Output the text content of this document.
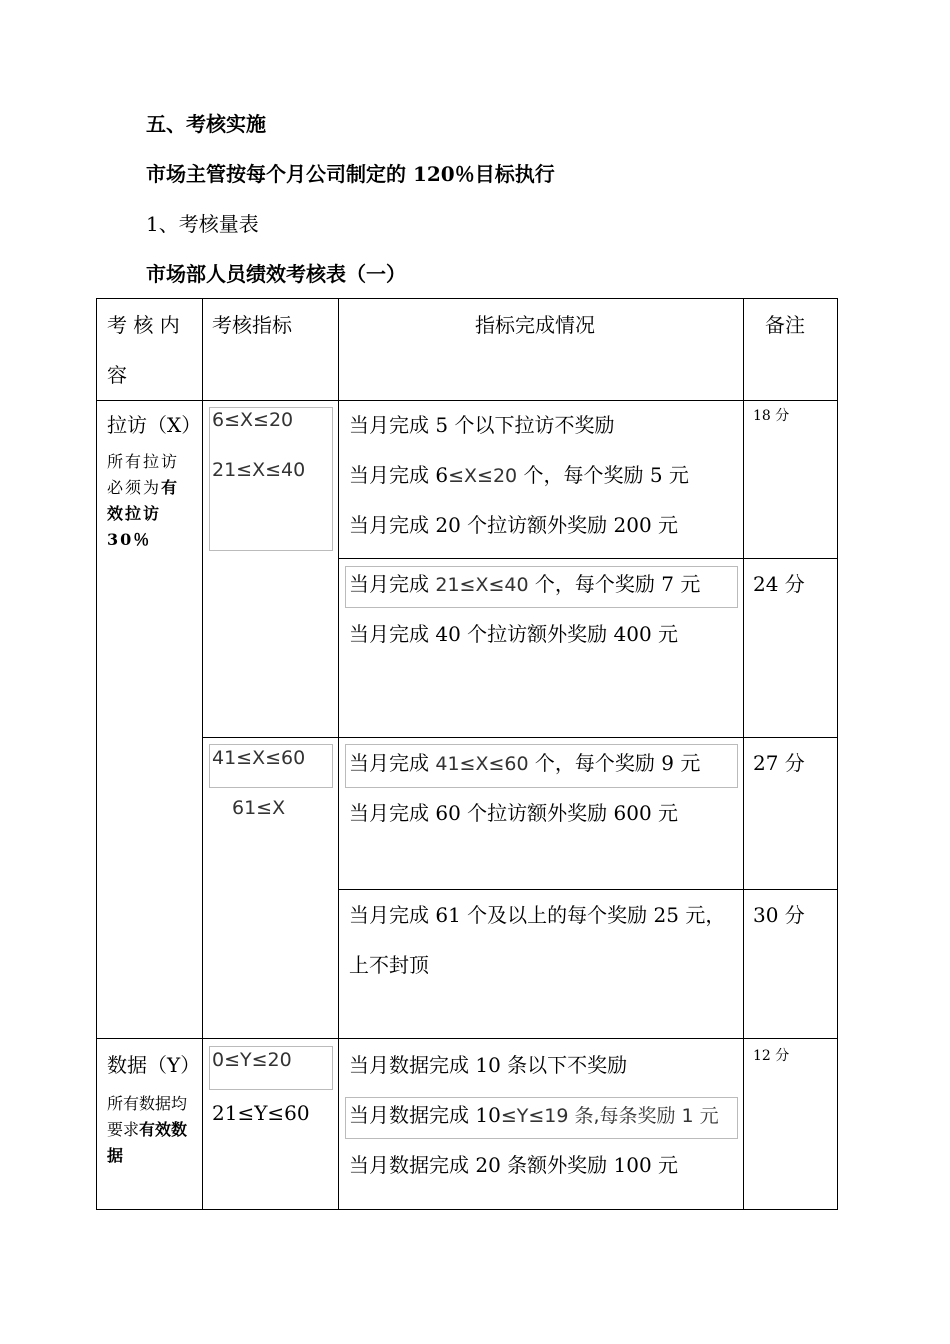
五、考核实施
市场主管按每个月公司制定的 120％目标执行
1、考核量表
市场部人员绩效考核表（一）
考 核 内
容
考核指标	指标完成情况	备注
拉访（X）
所有拉访必须为有效拉访 30％
6≤X≤20
21≤X≤40
当月完成 5 个以下拉访不奖励
当月完成 6≤X≤20 个，每个奖励 5 元
当月完成 20 个拉访额外奖励 200 元
18 分
当月完成 21≤X≤40 个，每个奖励 7 元
当月完成 40 个拉访额外奖励 400 元
24 分
41≤X≤60
61≤X
当月完成 41≤X≤60 个，每个奖励 9 元
当月完成 60 个拉访额外奖励 600 元
27 分
当月完成 61 个及以上的每个奖励 25 元，
上不封顶
30 分
数据（Y）
所有数据均要求有效数据
0≤Y≤20
21≤Y≤60
当月数据完成 10 条以下不奖励
当月数据完成 10≤Y≤19 条,每条奖励 1 元
当月数据完成 20 条额外奖励 100 元
12 分
